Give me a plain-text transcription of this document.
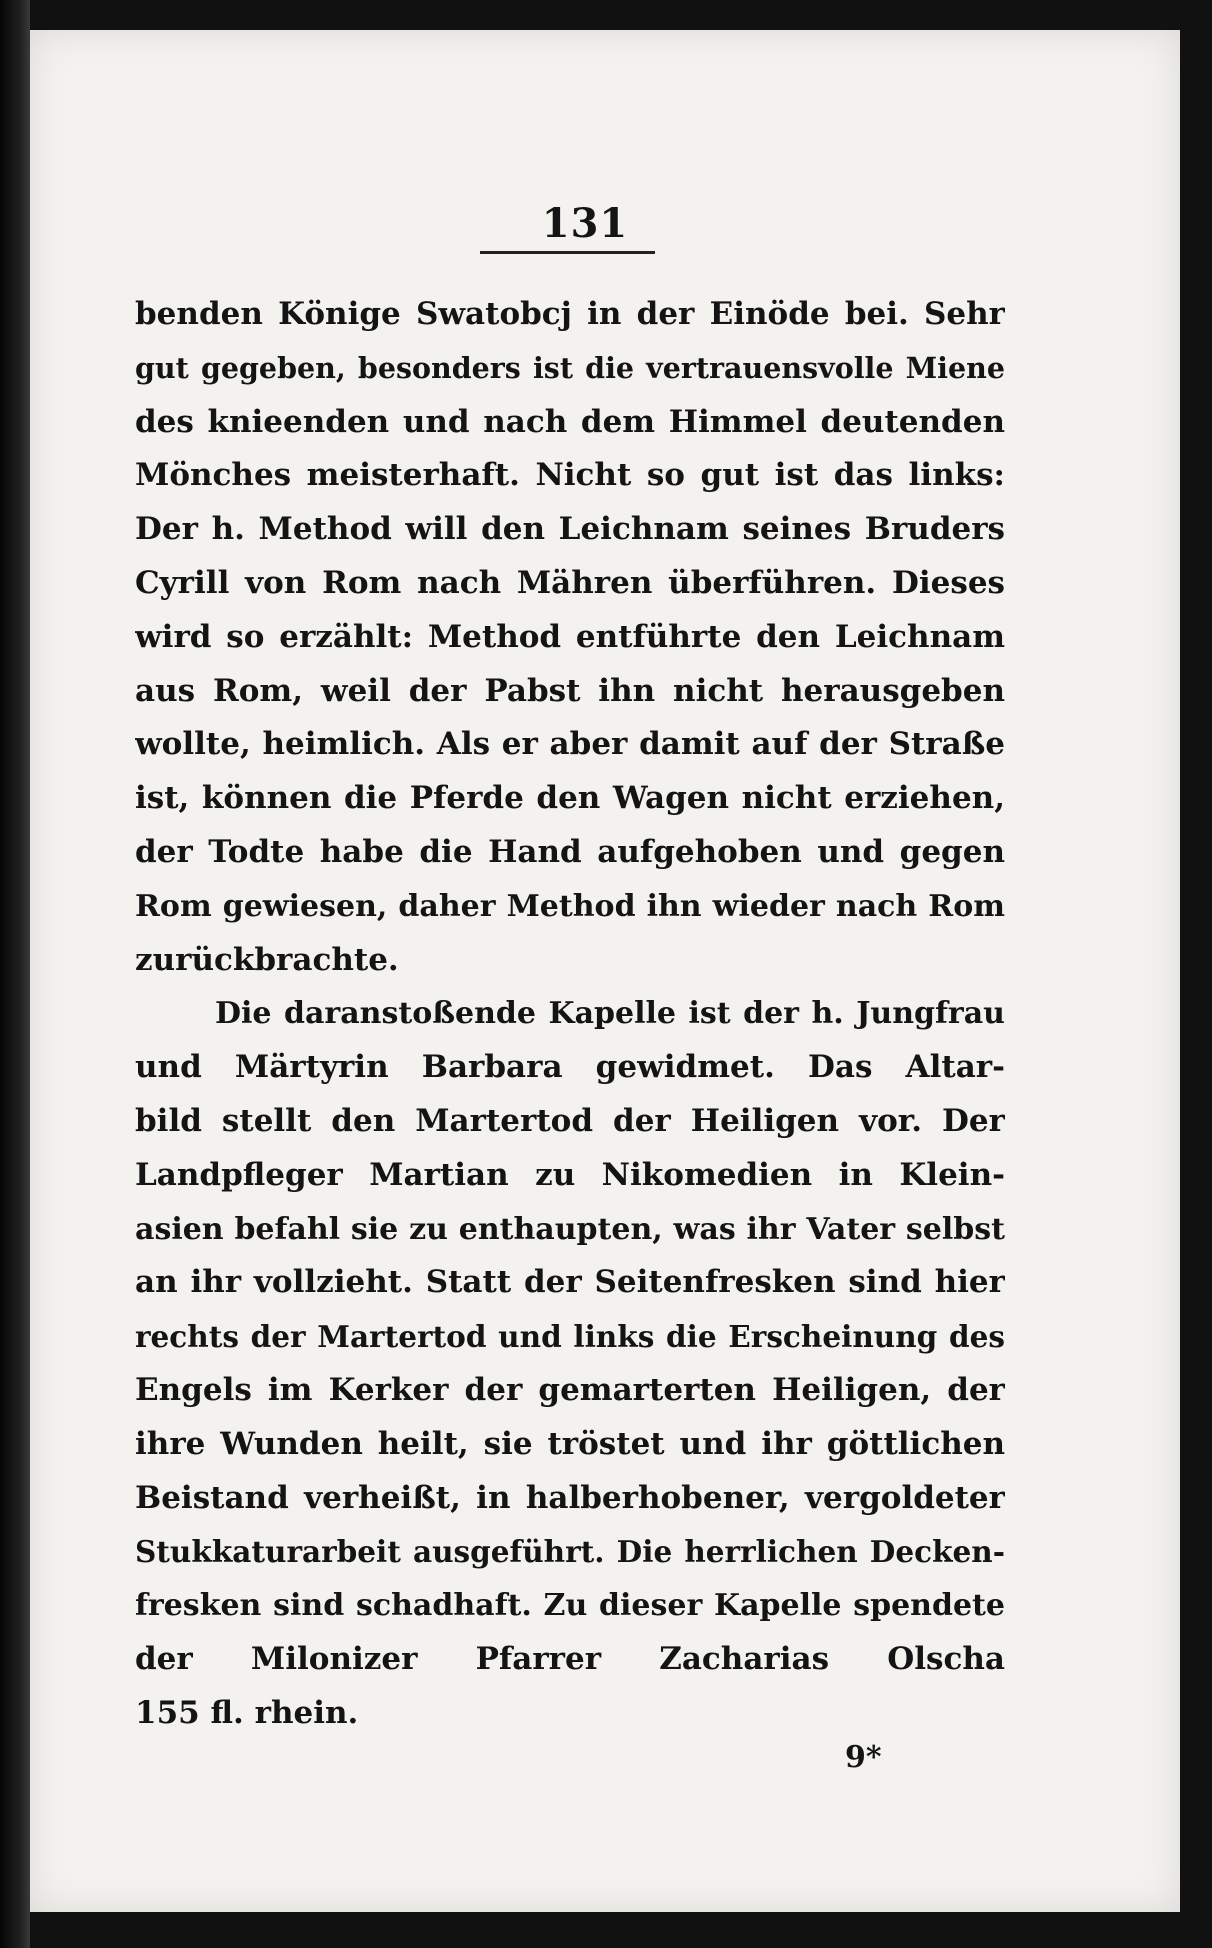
131
benden Könige Swatobcj in der Einöde bei. Sehr
gut gegeben, besonders ist die vertrauensvolle Miene
des knieenden und nach dem Himmel deutenden
Mönches meisterhaft. Nicht so gut ist das links:
Der h. Method will den Leichnam seines Bruders
Cyrill von Rom nach Mähren überführen. Dieses
wird so erzählt: Method entführte den Leichnam
aus Rom, weil der Pabst ihn nicht herausgeben
wollte, heimlich. Als er aber damit auf der Straße
ist, können die Pferde den Wagen nicht erziehen,
der Todte habe die Hand aufgehoben und gegen
Rom gewiesen, daher Method ihn wieder nach Rom
zurückbrachte.
Die daranstoßende Kapelle ist der h. Jungfrau
und Märtyrin Barbara gewidmet. Das Altar-
bild stellt den Martertod der Heiligen vor. Der
Landpfleger Martian zu Nikomedien in Klein-
asien befahl sie zu enthaupten, was ihr Vater selbst
an ihr vollzieht. Statt der Seitenfresken sind hier
rechts der Martertod und links die Erscheinung des
Engels im Kerker der gemarterten Heiligen, der
ihre Wunden heilt, sie tröstet und ihr göttlichen
Beistand verheißt, in halberhobener, vergoldeter
Stukkaturarbeit ausgeführt. Die herrlichen Decken-
fresken sind schadhaft. Zu dieser Kapelle spendete
der Milonizer Pfarrer Zacharias Olscha
155 fl. rhein.
9*
